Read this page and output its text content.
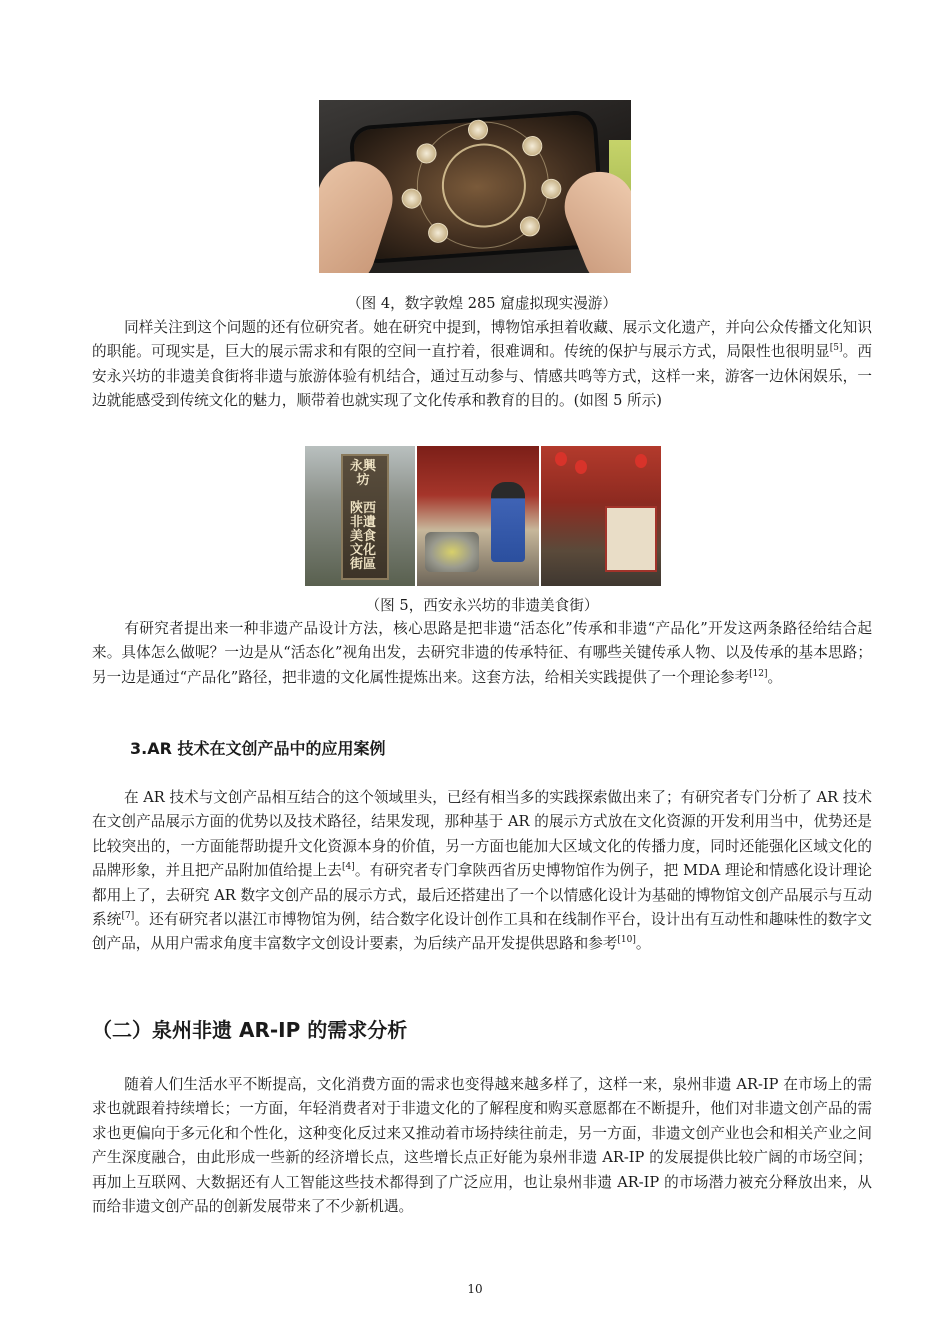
（图 4，数字敦煌 285 窟虚拟现实漫游）

同样关注到这个问题的还有位研究者。她在研究中提到，博物馆承担着收藏、展示文化遗产，并向公众传播文化知识的职能。可现实是，巨大的展示需求和有限的空间一直拧着，很难调和。传统的保护与展示方式，局限性也很明显[5]。西安永兴坊的非遗美食街将非遗与旅游体验有机结合，通过互动参与、情感共鸣等方式，这样一来，游客一边休闲娱乐，一边就能感受到传统文化的魅力，顺带着也就实现了文化传承和教育的目的。(如图 5 所示)

永興坊

陝西
非遺
美食
文化
街區

（图 5，西安永兴坊的非遗美食街）

有研究者提出来一种非遗产品设计方法，核心思路是把非遗“活态化”传承和非遗“产品化”开发这两条路径给结合起来。具体怎么做呢？一边是从“活态化”视角出发，去研究非遗的传承特征、有哪些关键传承人物、以及传承的基本思路；另一边是通过“产品化”路径，把非遗的文化属性提炼出来。这套方法，给相关实践提供了一个理论参考[12]。

3.AR 技术在文创产品中的应用案例

在 AR 技术与文创产品相互结合的这个领域里头，已经有相当多的实践探索做出来了；有研究者专门分析了 AR 技术在文创产品展示方面的优势以及技术路径，结果发现，那种基于 AR 的展示方式放在文化资源的开发利用当中，优势还是比较突出的，一方面能帮助提升文化资源本身的价值，另一方面也能加大区域文化的传播力度，同时还能强化区域文化的品牌形象，并且把产品附加值给提上去[4]。有研究者专门拿陕西省历史博物馆作为例子，把 MDA 理论和情感化设计理论都用上了，去研究 AR 数字文创产品的展示方式，最后还搭建出了一个以情感化设计为基础的博物馆文创产品展示与互动系统[7]。还有研究者以湛江市博物馆为例，结合数字化设计创作工具和在线制作平台，设计出有互动性和趣味性的数字文创产品，从用户需求角度丰富数字文创设计要素，为后续产品开发提供思路和参考[10]。

（二）泉州非遗 AR-IP 的需求分析

随着人们生活水平不断提高，文化消费方面的需求也变得越来越多样了，这样一来，泉州非遗 AR-IP 在市场上的需求也就跟着持续增长；一方面，年轻消费者对于非遗文化的了解程度和购买意愿都在不断提升，他们对非遗文创产品的需求也更偏向于多元化和个性化，这种变化反过来又推动着市场持续往前走，另一方面，非遗文创产业也会和相关产业之间产生深度融合，由此形成一些新的经济增长点，这些增长点正好能为泉州非遗 AR-IP 的发展提供比较广阔的市场空间；再加上互联网、大数据还有人工智能这些技术都得到了广泛应用，也让泉州非遗 AR-IP 的市场潜力被充分释放出来，从而给非遗文创产品的创新发展带来了不少新机遇。

10
